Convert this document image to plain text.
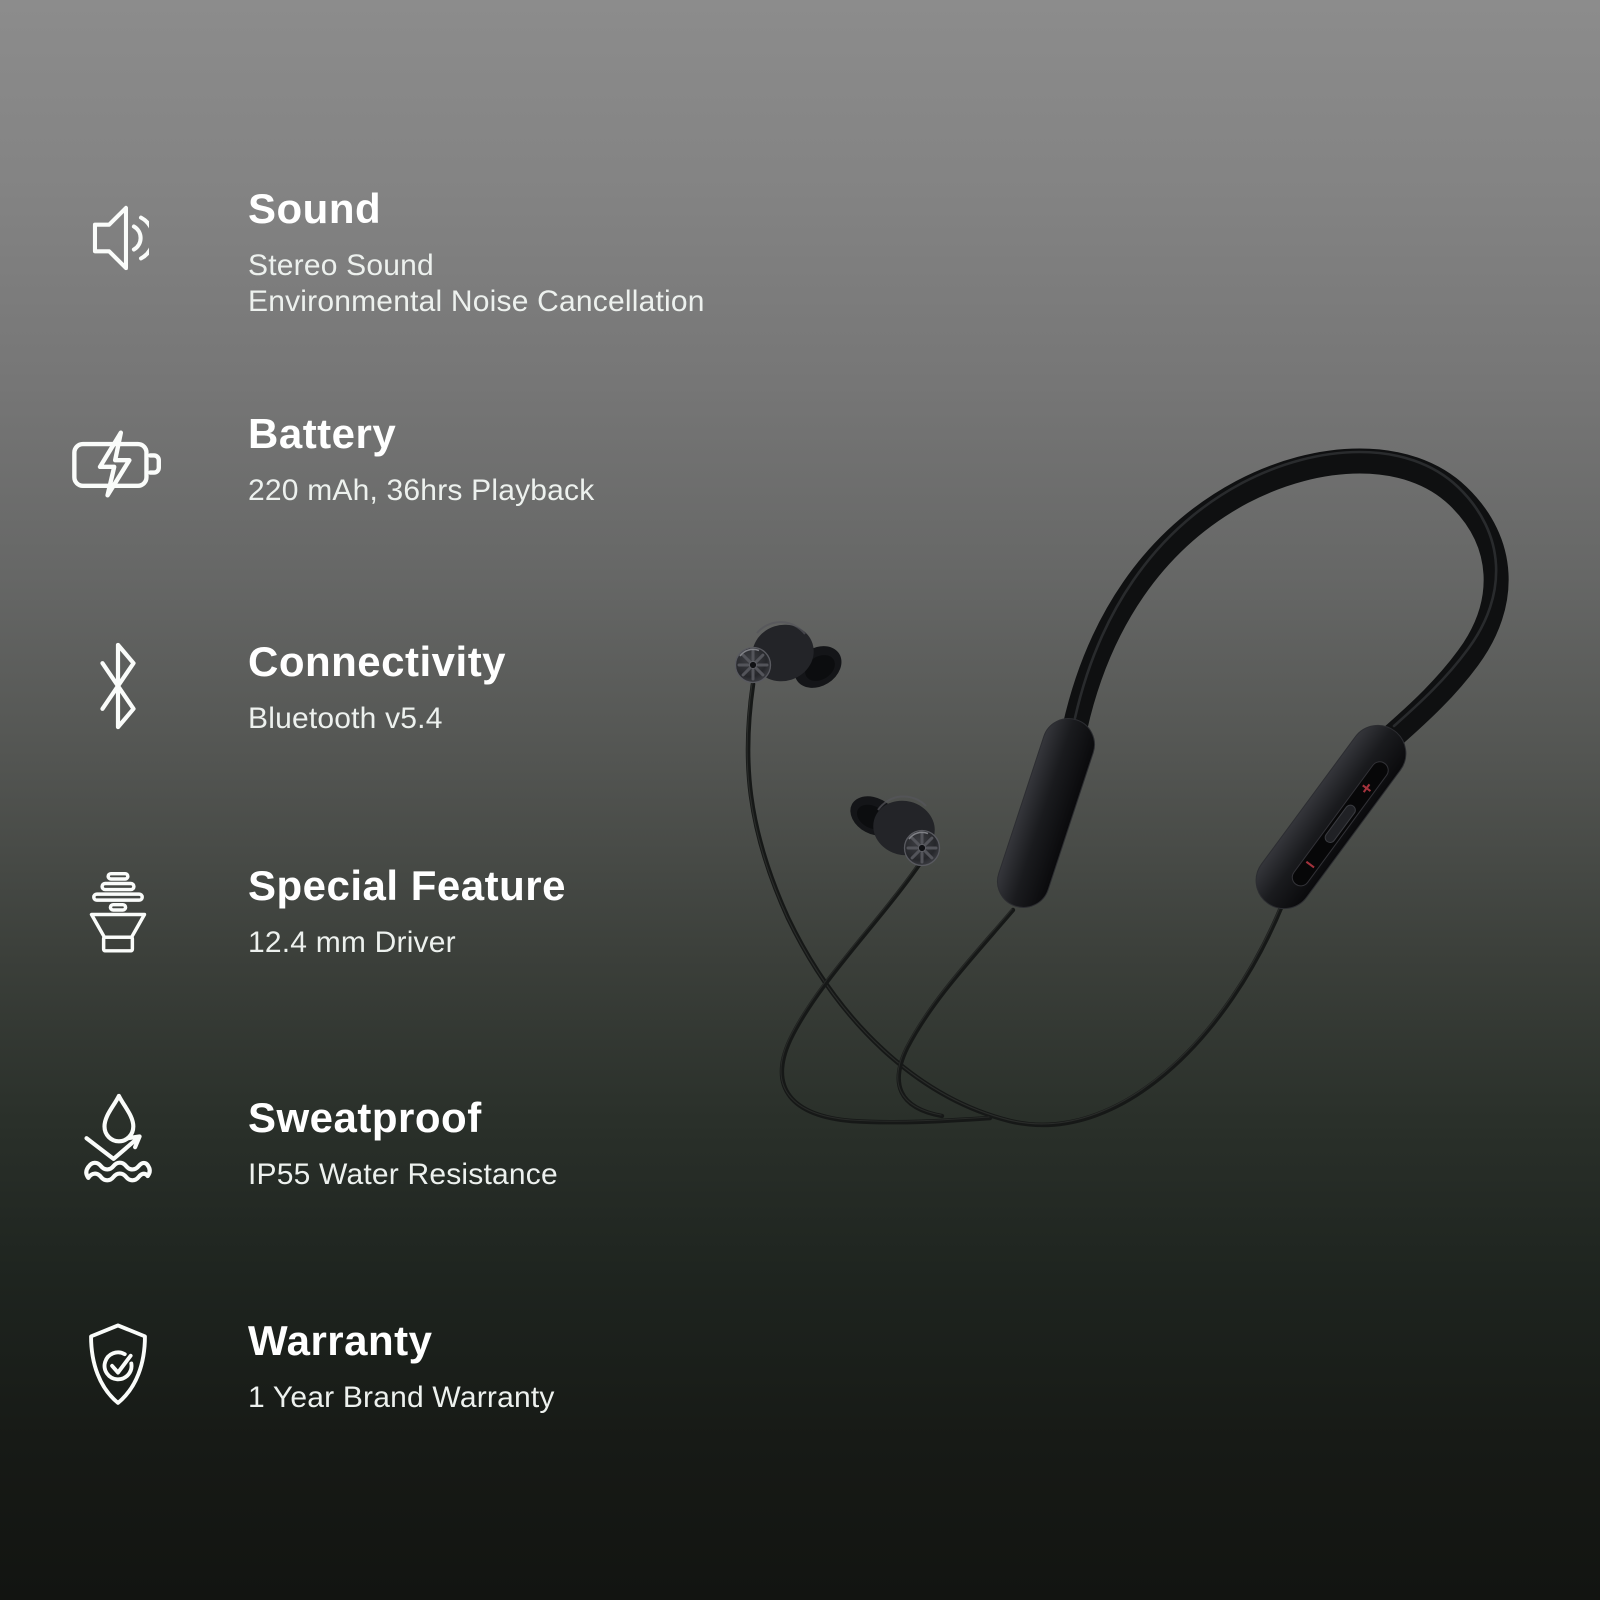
+
−
Sound
Stereo Sound
Environmental Noise Cancellation
Battery
220 mAh, 36hrs Playback
Connectivity
Bluetooth v5.4
Special Feature
12.4 mm Driver
Sweatproof
IP55 Water Resistance
Warranty
1 Year Brand Warranty
